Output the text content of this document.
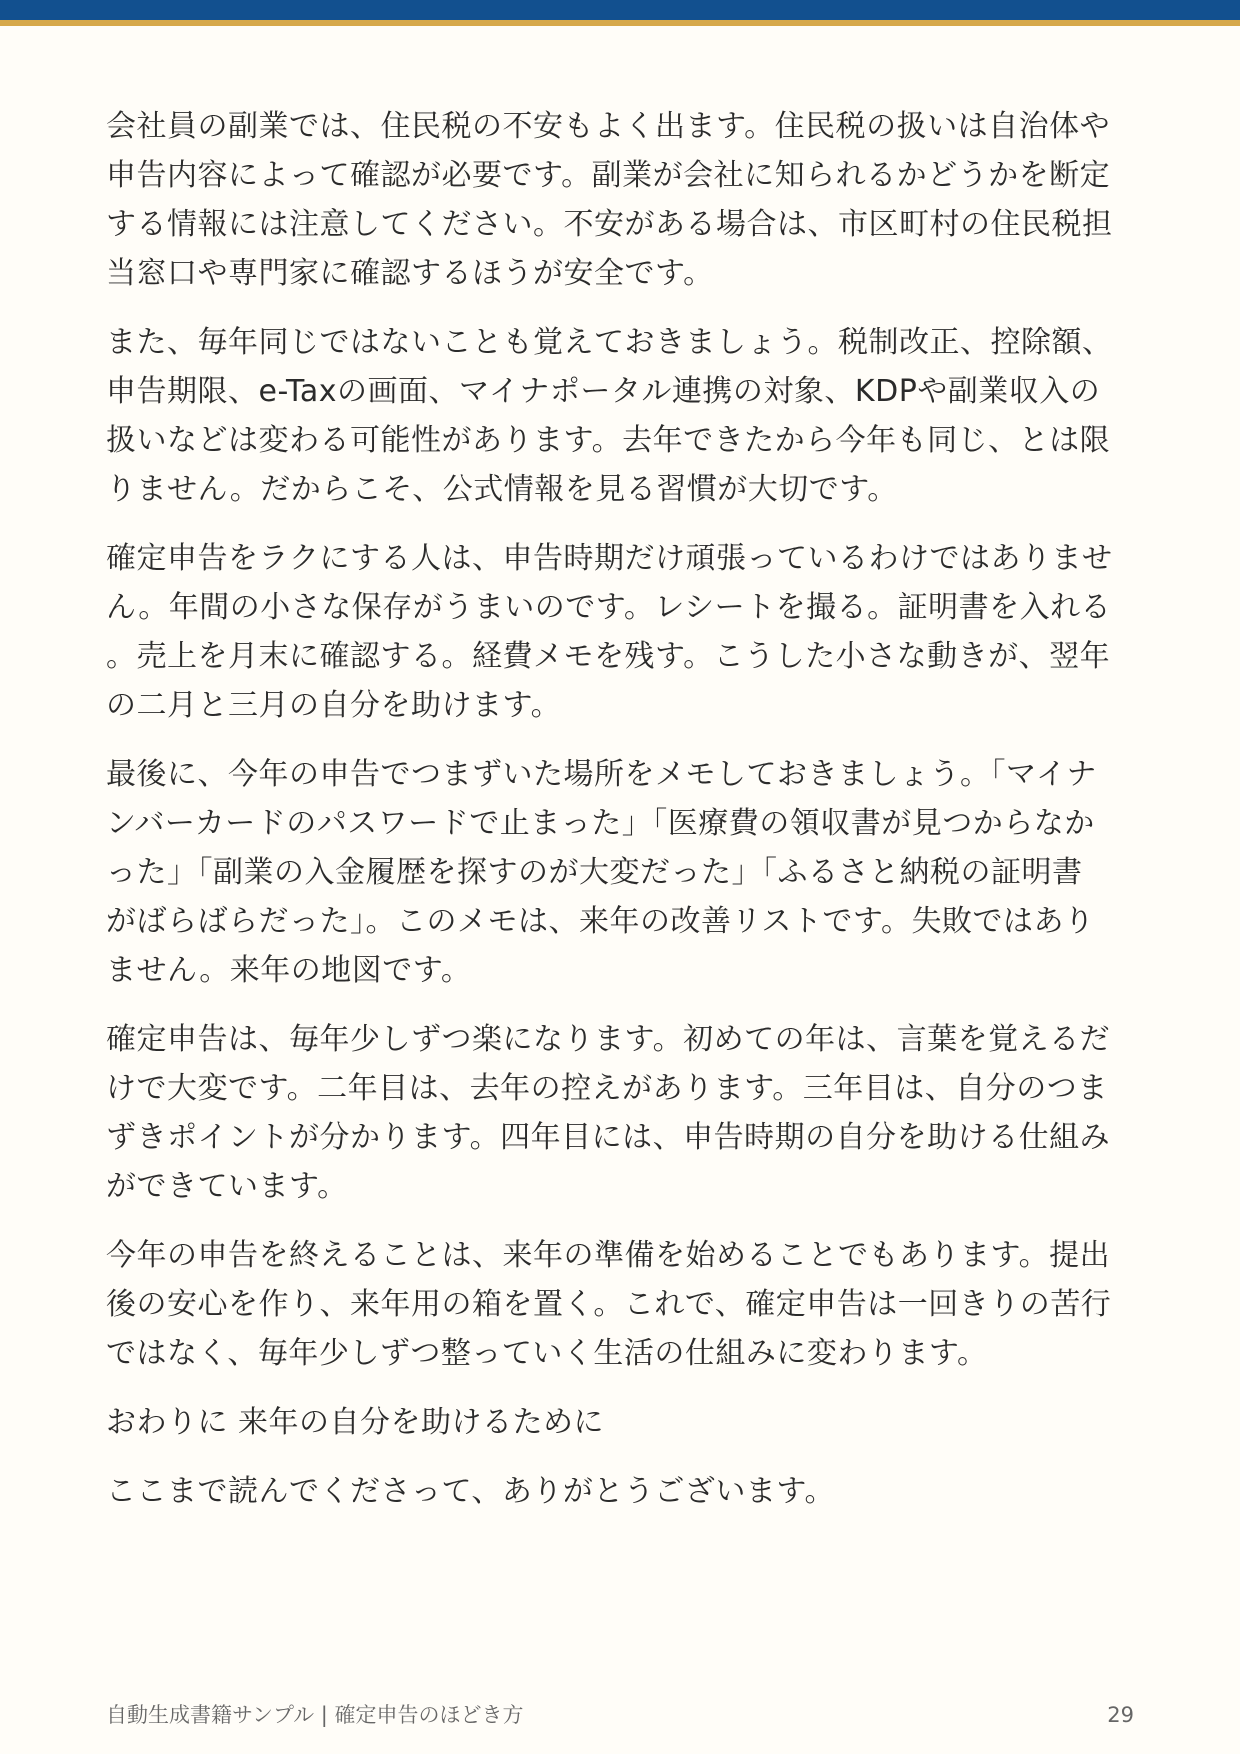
会社員の副業では、住民税の不安もよく出ます。住民税の扱いは自治体や
申告内容によって確認が必要です。副業が会社に知られるかどうかを断定
する情報には注意してください。不安がある場合は、市区町村の住民税担
当窓口や専門家に確認するほうが安全です。

また、毎年同じではないことも覚えておきましょう。税制改正、控除額、
申告期限、e-Taxの画面、マイナポータル連携の対象、KDPや副業収入の
扱いなどは変わる可能性があります。去年できたから今年も同じ、とは限
りません。だからこそ、公式情報を見る習慣が大切です。

確定申告をラクにする人は、申告時期だけ頑張っているわけではありませ
ん。年間の小さな保存がうまいのです。レシートを撮る。証明書を入れる
。売上を月末に確認する。経費メモを残す。こうした小さな動きが、翌年
の二月と三月の自分を助けます。

最後に、今年の申告でつまずいた場所をメモしておきましょう。「マイナ
ンバーカードのパスワードで止まった」「医療費の領収書が見つからなか
った」「副業の入金履歴を探すのが大変だった」「ふるさと納税の証明書
がばらばらだった」。このメモは、来年の改善リストです。失敗ではあり
ません。来年の地図です。

確定申告は、毎年少しずつ楽になります。初めての年は、言葉を覚えるだ
けで大変です。二年目は、去年の控えがあります。三年目は、自分のつま
ずきポイントが分かります。四年目には、申告時期の自分を助ける仕組み
ができています。

今年の申告を終えることは、来年の準備を始めることでもあります。提出
後の安心を作り、来年用の箱を置く。これで、確定申告は一回きりの苦行
ではなく、毎年少しずつ整っていく生活の仕組みに変わります。

おわりに 来年の自分を助けるために

ここまで読んでくださって、ありがとうございます。

自動生成書籍サンプル | 確定申告のほどき方	29
